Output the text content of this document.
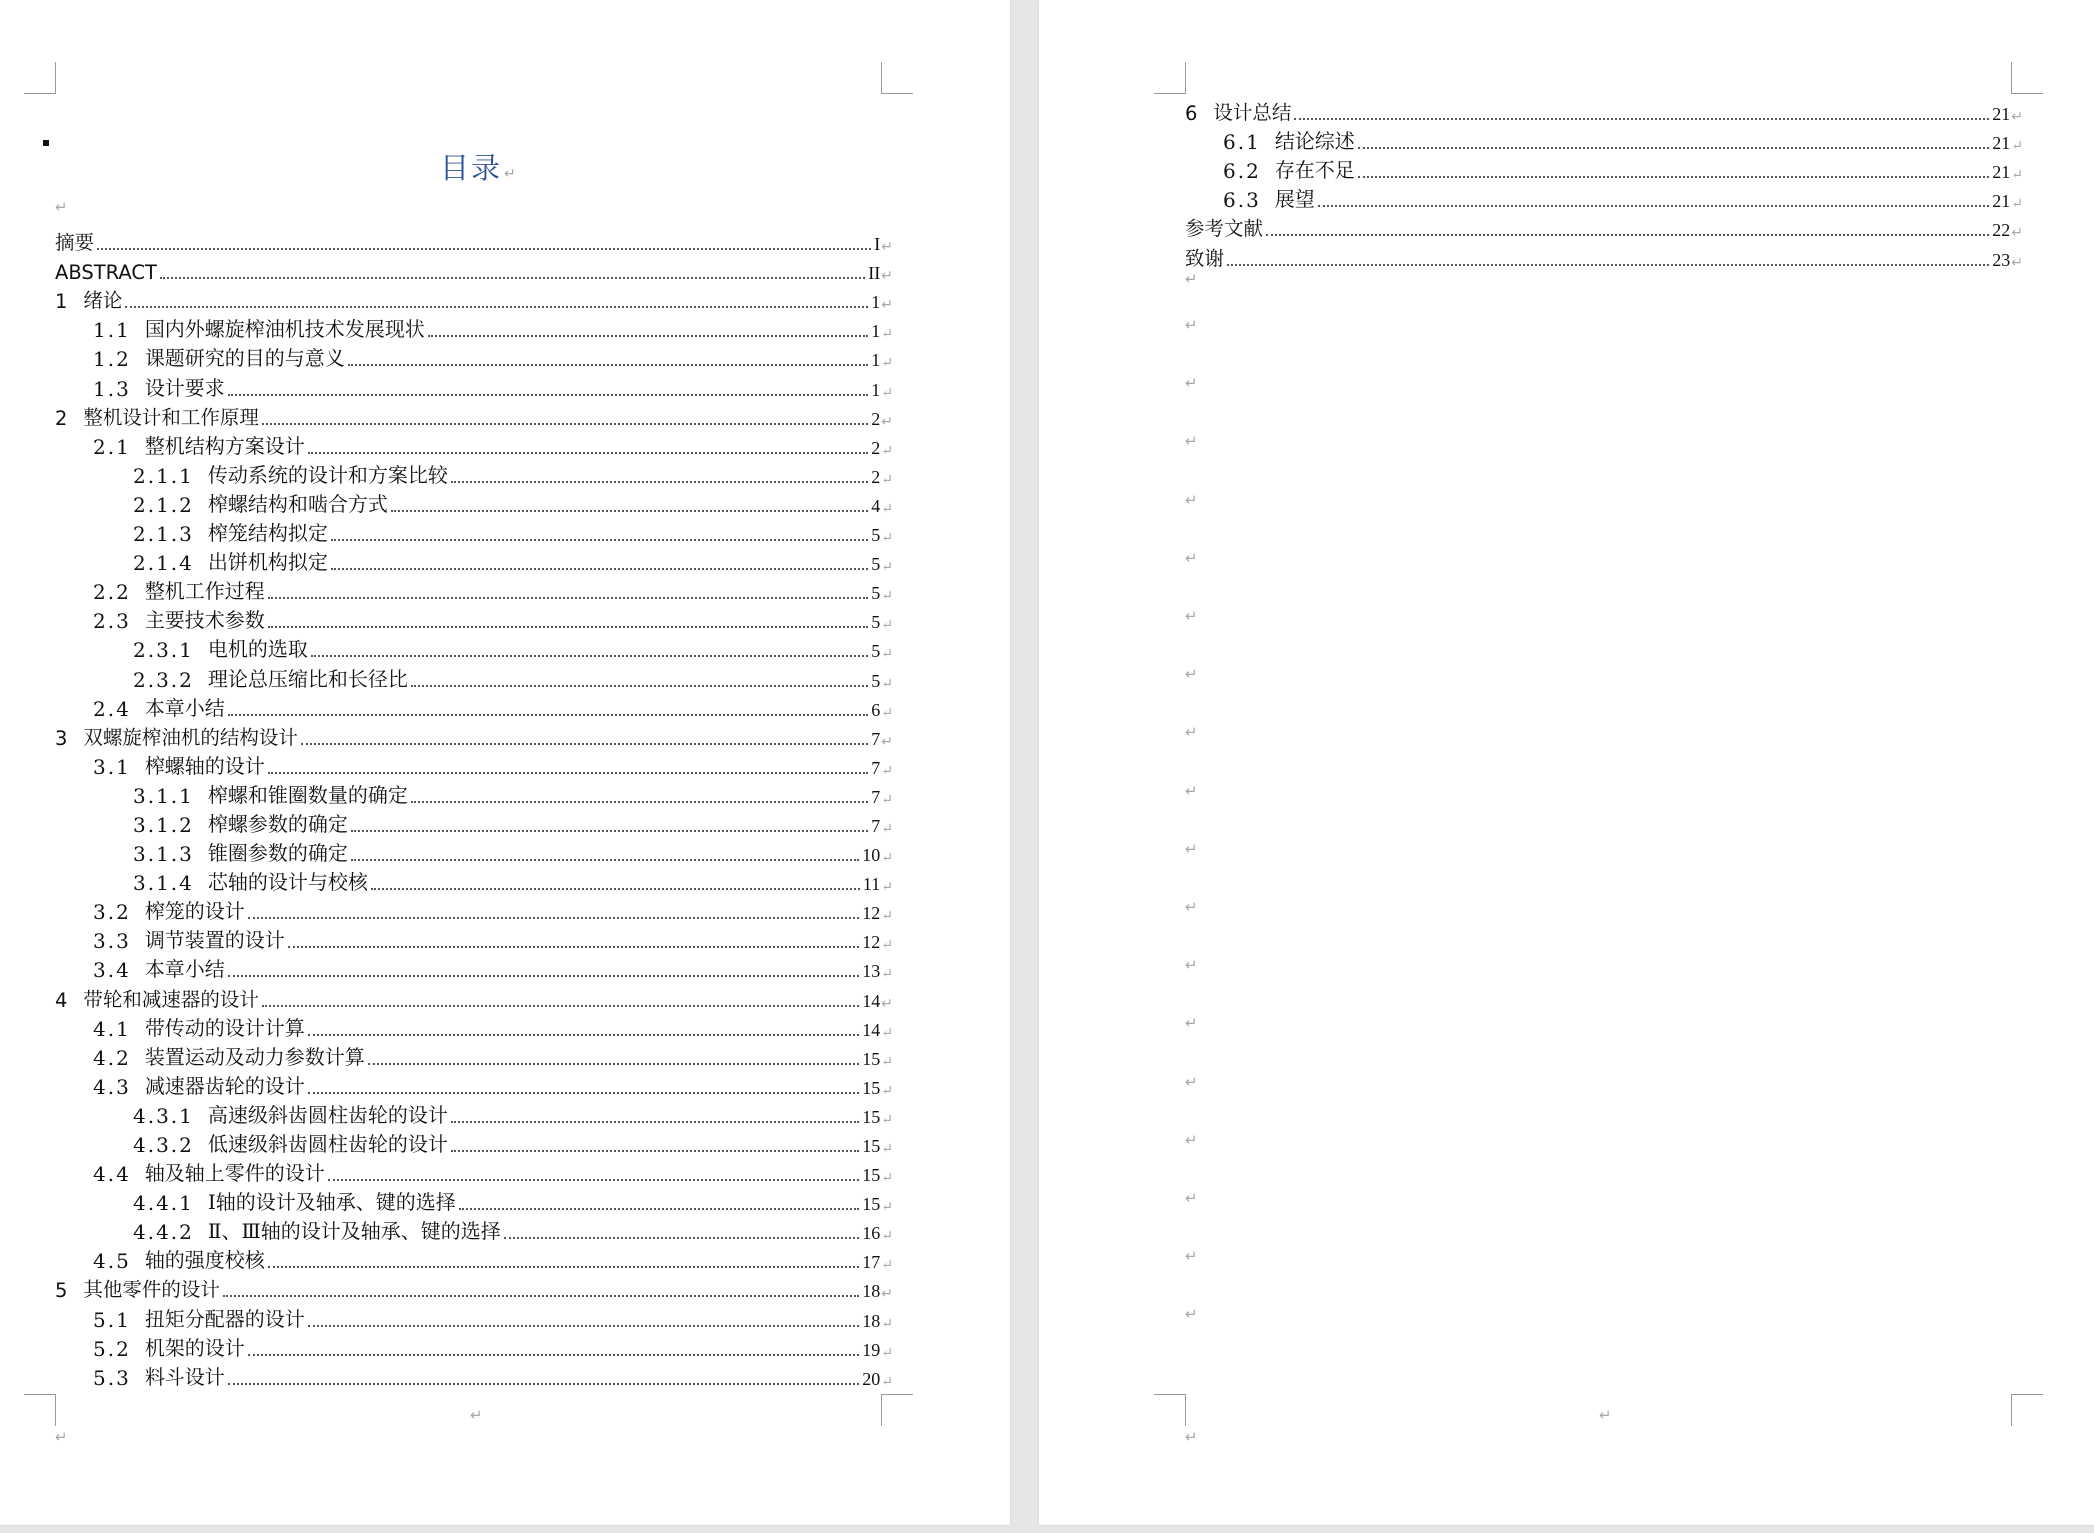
目录 ↵
↵
摘要	I ↵
ABSTRACT	II ↵
1 绪论	1 ↵
1.1 国内外螺旋榨油机技术发展现状	1 ↵
1.2 课题研究的目的与意义	1 ↵
1.3 设计要求	1 ↵
2 整机设计和工作原理	2 ↵
2.1 整机结构方案设计	2 ↵
2.1.1 传动系统的设计和方案比较	2 ↵
2.1.2 榨螺结构和啮合方式	4 ↵
2.1.3 榨笼结构拟定	5 ↵
2.1.4 出饼机构拟定	5 ↵
2.2 整机工作过程	5 ↵
2.3 主要技术参数	5 ↵
2.3.1 电机的选取	5 ↵
2.3.2 理论总压缩比和长径比	5 ↵
2.4 本章小结	6 ↵
3 双螺旋榨油机的结构设计	7 ↵
3.1 榨螺轴的设计	7 ↵
3.1.1 榨螺和锥圈数量的确定	7 ↵
3.1.2 榨螺参数的确定	7 ↵
3.1.3 锥圈参数的确定	10 ↵
3.1.4 芯轴的设计与校核	11 ↵
3.2 榨笼的设计	12 ↵
3.3 调节装置的设计	12 ↵
3.4 本章小结	13 ↵
4 带轮和减速器的设计	14 ↵
4.1 带传动的设计计算	14 ↵
4.2 装置运动及动力参数计算	15 ↵
4.3 减速器齿轮的设计	15 ↵
4.3.1 高速级斜齿圆柱齿轮的设计	15 ↵
4.3.2 低速级斜齿圆柱齿轮的设计	15 ↵
4.4 轴及轴上零件的设计	15 ↵
4.4.1 Ⅰ轴的设计及轴承、键的选择	15 ↵
4.4.2 Ⅱ、Ⅲ轴的设计及轴承、键的选择	16 ↵
4.5 轴的强度校核	17 ↵
5 其他零件的设计	18 ↵
5.1 扭矩分配器的设计	18 ↵
5.2 机架的设计	19 ↵
5.3 料斗设计	20 ↵
↵
↵
↵
↵
6 设计总结	21 ↵
6.1 结论综述	21 ↵
6.2 存在不足	21 ↵
6.3 展望	21 ↵
参考文献	22 ↵
致谢	23 ↵
↵
↵
↵
↵
↵
↵
↵
↵
↵
↵
↵
↵
↵
↵
↵
↵
↵
↵
↵
